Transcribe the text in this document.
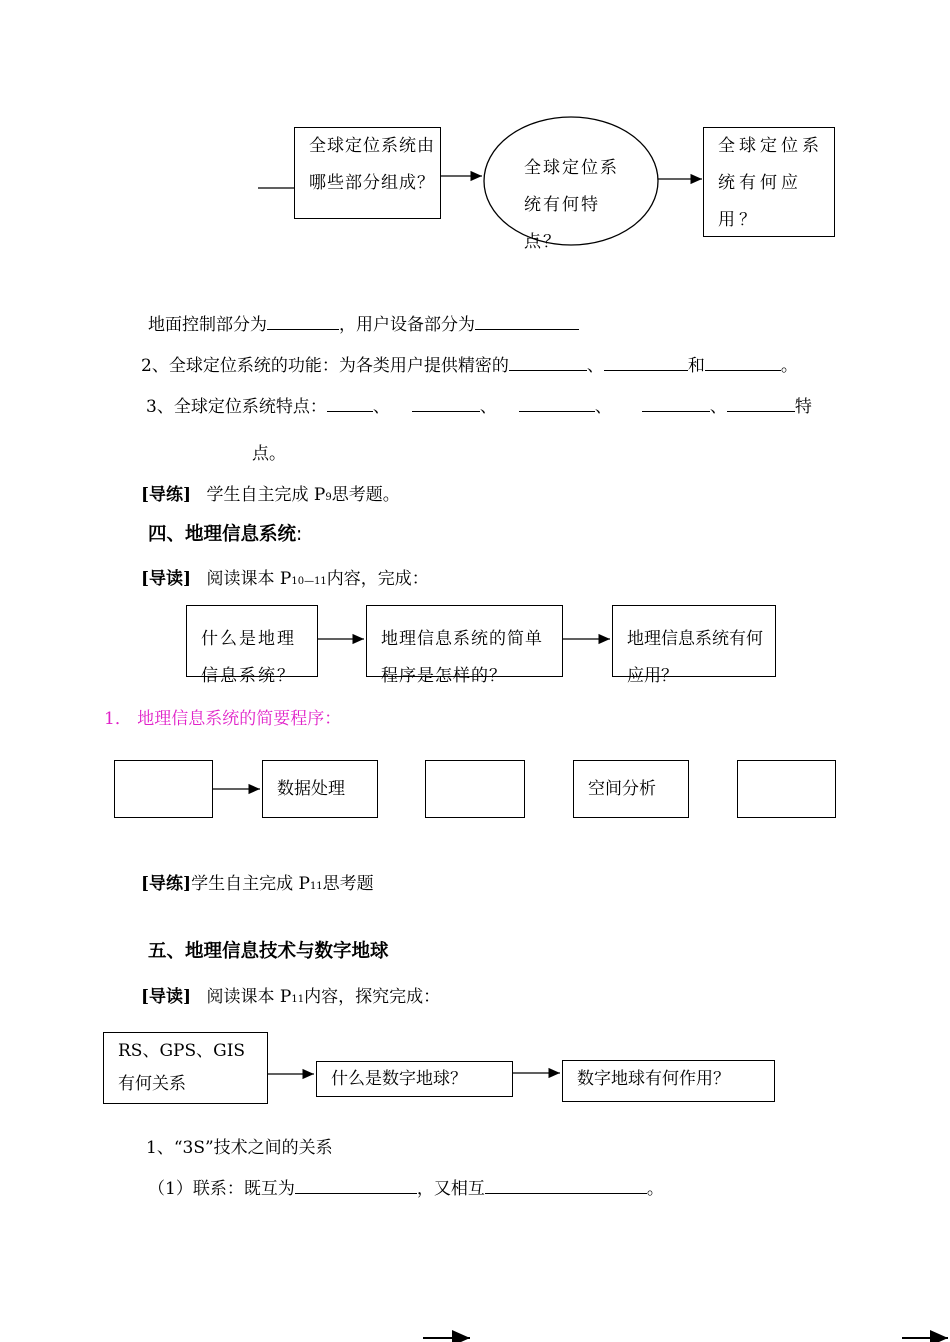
全球定位系统由哪些部分组成？
全球定位系统有何特点？
全球定位系统有何应用？
地面控制部分为	，用户设备部分为
2、全球定位系统的功能：为各类用户提供精密的	、	和	。
3、全球定位系统特点：	、	、	、	、	特
点。
[导练] 学生自主完成 P9思考题。
四、地理信息系统:
[导读] 阅读课本 P10—11内容，完成：
什么是地理信息系统？
地理信息系统的简单程序是怎样的？
地理信息系统有何应用？
1． 地理信息系统的简要程序：
数据处理	空间分析
[导练]学生自主完成 P11思考题
五、地理信息技术与数字地球
[导读] 阅读课本 P11内容，探究完成：
RS、GPS、GIS
有何关系	什么是数字地球？	数字地球有何作用？
1、“3S”技术之间的关系
（1）联系：既互为	，又相互	。
